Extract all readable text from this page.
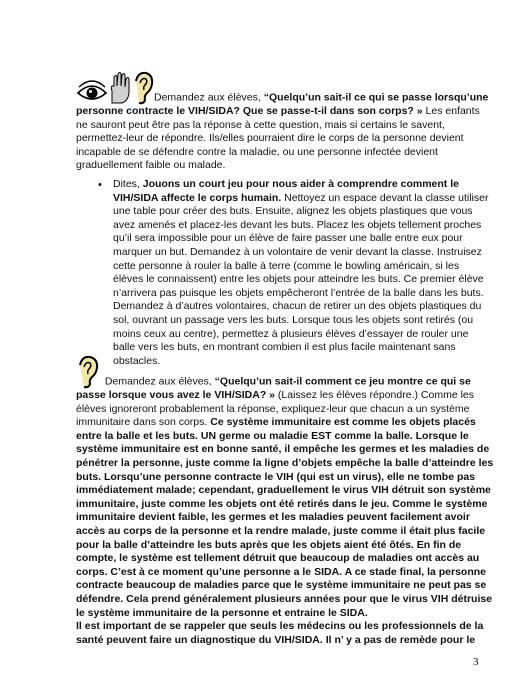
Demandez aux élèves, “Quelqu’un sait-il ce qui se passe lorsqu’une personne contracte le VIH/SIDA? Que se passe-t-il dans son corps? » Les enfants ne sauront peut être pas la réponse à cette question, mais si certains le savent, permettez-leur de répondre. Ils/elles pourraient dire le corps de la personne devient incapable de se défendre contre la maladie, ou une personne infectée devient graduellement faible ou malade.

• Dites, Jouons un court jeu pour nous aider à comprendre comment le VIH/SIDA affecte le corps humain. Nettoyez un espace devant la classe utiliser une table pour créer des buts. Ensuite, alignez les objets plastiques que vous avez amenés et placez-les devant les buts. Placez les objets tellement proches qu’il sera impossible pour un élève de faire passer une balle entre eux pour marquer un but. Demandez à un volontaire de venir devant la classe. Instruisez cette personne à rouler la balle à terre (comme le bowling américain, si les élèves le connaissent) entre les objets pour atteindre les buts. Ce premier élève n’arrivera pas puisque les objets empêcheront l’entrée de la balle dans les buts. Demandez à d’autres volontaires, chacun de retirer un des objets plastiques du sol, ouvrant un passage vers les buts. Lorsque tous les objets sont retirés (ou moins ceux au centre), permettez à plusieurs élèves d’essayer de rouler une balle vers les buts, en montrant combien il est plus facile maintenant sans obstacles.

Demandez aux élèves, “Quelqu’un sait-il comment ce jeu montre ce qui se passe lorsque vous avez le VIH/SIDA? » (Laissez les élèves répondre.) Comme les élèves ignoreront probablement la réponse, expliquez-leur que chacun a un système immunitaire dans son corps. Ce système immunitaire est comme les objets placés entre la balle et les buts. UN germe ou maladie EST comme la balle. Lorsque le système immunitaire est en bonne santé, il empêche les germes et les maladies de pénétrer la personne, juste comme la ligne d’objets empêche la balle d’atteindre les buts. Lorsqu’une personne contracte le VIH (qui est un virus), elle ne tombe pas immédiatement malade; cependant, graduellement le virus VIH détruit son système immunitaire, juste comme les objets ont été retirés dans le jeu. Comme le système immunitaire devient faible, les germes et les maladies peuvent facilement avoir accès au corps de la personne et la rendre malade, juste comme il était plus facile pour la balle d’atteindre les buts après que les objets aient été ôtés. En fin de compte, le système est tellement détruit que beaucoup de maladies ont accès au corps. C’est à ce moment qu’une personne a le SIDA. A ce stade final, la personne contracte beaucoup de maladies parce que le système immunitaire ne peut pas se défendre. Cela prend généralement plusieurs années pour que le virus VIH détruise le système immunitaire de la personne et entraine le SIDA.

Il est important de se rappeler que seuls les médecins ou les professionnels de la santé peuvent faire un diagnostique du VIH/SIDA. Il n’ y a pas de remède pour le

3
